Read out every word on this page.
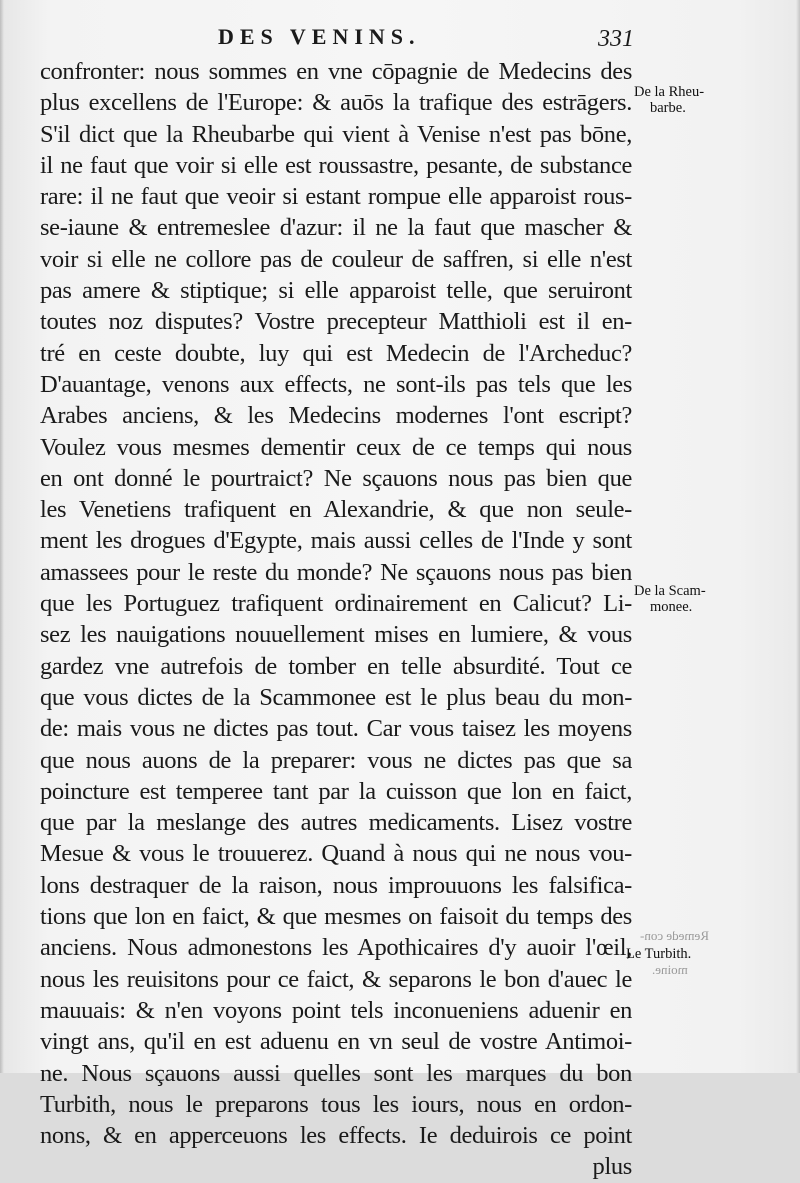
DES VENINS.	331
confronter: nous sommes en vne cōpagnie de Medecins des
plus excellens de l'Europe: & auōs la trafique des estrāgers.
S'il dict que la Rheubarbe qui vient à Venise n'est pas bōne,
il ne faut que voir si elle est roussastre, pesante, de substance
rare: il ne faut que veoir si estant rompue elle apparoist rous-
se-iaune & entremeslee d'azur: il ne la faut que mascher &
voir si elle ne collore pas de couleur de saffren, si elle n'est
pas amere & stiptique; si elle apparoist telle, que seruiront
toutes noz disputes? Vostre precepteur Matthioli est il en-
tré en ceste doubte, luy qui est Medecin de l'Archeduc?
D'auantage, venons aux effects, ne sont-ils pas tels que les
Arabes anciens, & les Medecins modernes l'ont escript?
Voulez vous mesmes dementir ceux de ce temps qui nous
en ont donné le pourtraict? Ne sçauons nous pas bien que
les Venetiens trafiquent en Alexandrie, & que non seule-
ment les drogues d'Egypte, mais aussi celles de l'Inde y sont
amassees pour le reste du monde? Ne sçauons nous pas bien
que les Portuguez trafiquent ordinairement en Calicut? Li-
sez les nauigations nouuellement mises en lumiere, & vous
gardez vne autrefois de tomber en telle absurdité. Tout ce
que vous dictes de la Scammonee est le plus beau du mon-
de: mais vous ne dictes pas tout. Car vous taisez les moyens
que nous auons de la preparer: vous ne dictes pas que sa
poincture est temperee tant par la cuisson que lon en faict,
que par la meslange des autres medicaments. Lisez vostre
Mesue & vous le trouuerez. Quand à nous qui ne nous vou-
lons destraquer de la raison, nous improuuons les falsifica-
tions que lon en faict, & que mesmes on faisoit du temps des
anciens. Nous admonestons les Apothicaires d'y auoir l'œil,
nous les reuisitons pour ce faict, & separons le bon d'auec le
mauuais: & n'en voyons point tels inconueniens aduenir en
vingt ans, qu'il en est aduenu en vn seul de vostre Antimoi-
ne. Nous sçauons aussi quelles sont les marques du bon
Turbith, nous le preparons tous les iours, nous en ordon-
nons, & en apperceuons les effects. Ie deduirois ce point
plus
De la Rheu-
barbe.
De la Scam-
monee.
Remede con-
Le Turbith.
moine.
